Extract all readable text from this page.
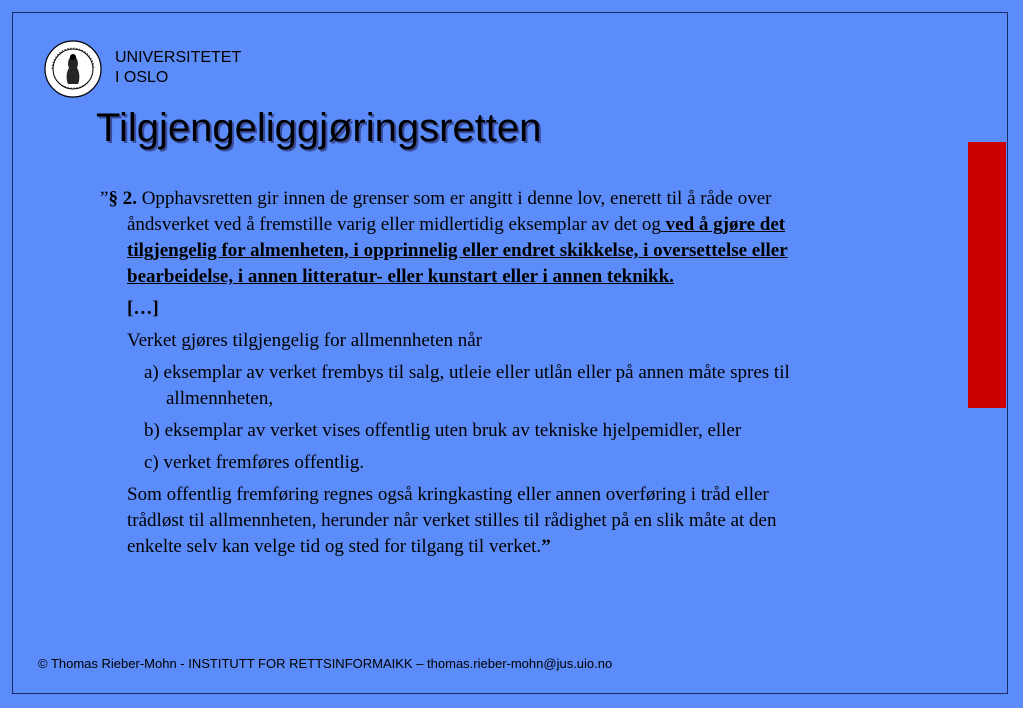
UNIVERSITETET
I OSLO
Tilgjengeliggjøringsretten

”§ 2. Opphavsretten gir innen de grenser som er angitt i denne lov, enerett til å råde over åndsverket ved å fremstille varig eller midlertidig eksemplar av det og ved å gjøre det tilgjengelig for almenheten, i opprinnelig eller endret skikkelse, i oversettelse eller bearbeidelse, i annen litteratur- eller kunstart eller i annen teknikk.

[…]
Verket gjøres tilgjengelig for allmennheten når
a) eksemplar av verket frembys til salg, utleie eller utlån eller på annen måte spres til allmennheten,
b) eksemplar av verket vises offentlig uten bruk av tekniske hjelpemidler, eller
c) verket fremføres offentlig.
Som offentlig fremføring regnes også kringkasting eller annen overføring i tråd eller trådløst til allmennheten, herunder når verket stilles til rådighet på en slik måte at den enkelte selv kan velge tid og sted for tilgang til verket.”
© Thomas Rieber-Mohn - INSTITUTT FOR RETTSINFORMAIKK – thomas.rieber-mohn@jus.uio.no
